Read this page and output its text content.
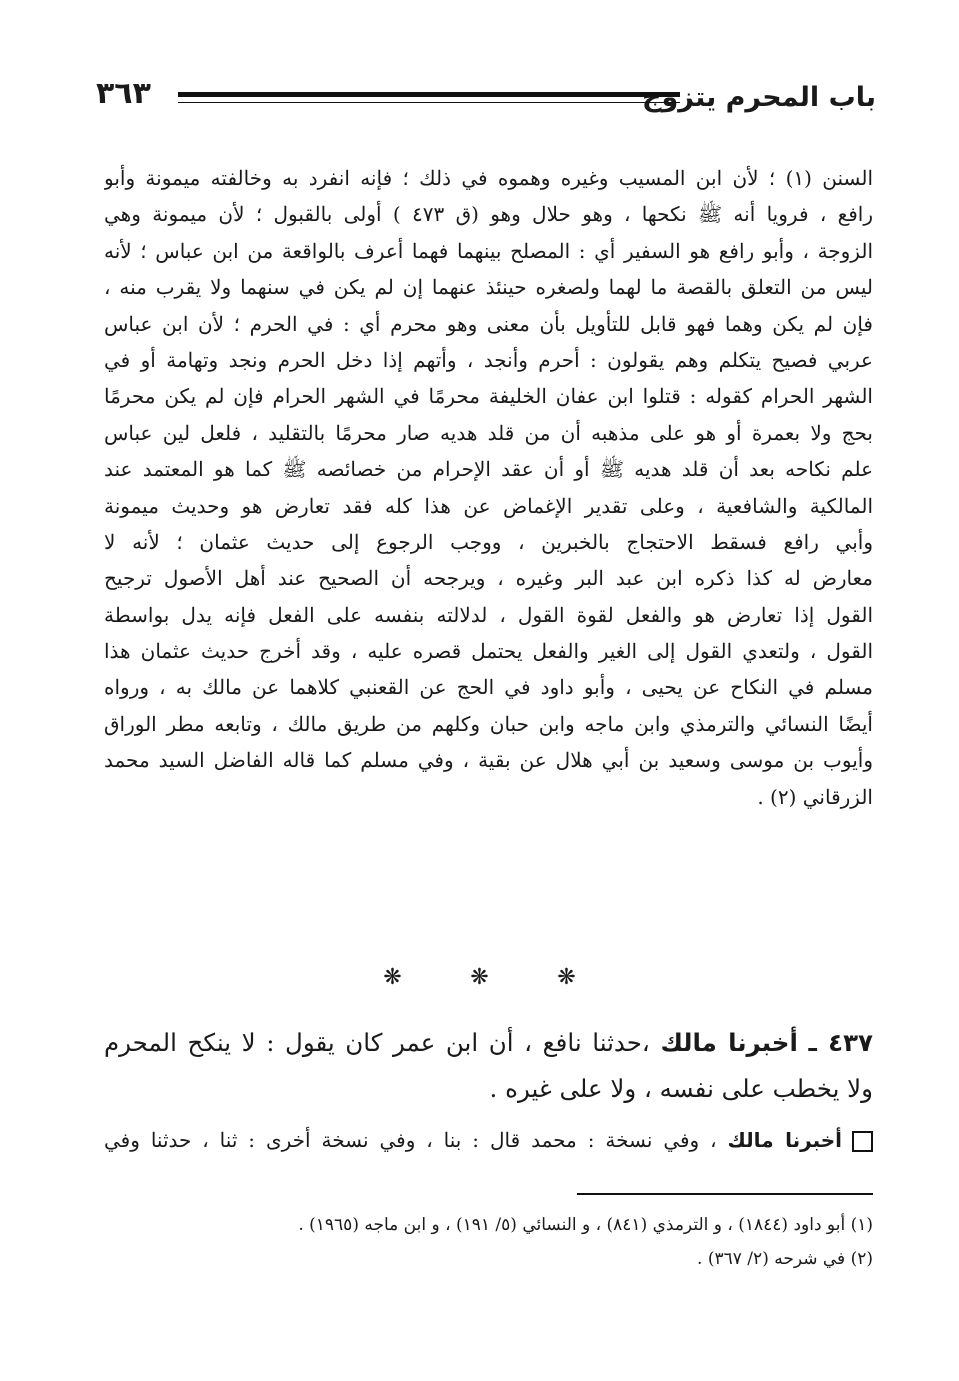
باب المحرم يتزوج
٣٦٣
السنن (١) ؛ لأن ابن المسيب وغيره وهموه في ذلك ؛ فإنه انفرد به وخالفته ميمونة وأبو
رافع ، فرويا أنه ﷺ نكحها ، وهو حلال وهو (ق ٤٧٣ ) أولى بالقبول ؛ لأن ميمونة وهي
الزوجة ، وأبو رافع هو السفير أي : المصلح بينهما فهما أعرف بالواقعة من ابن عباس ؛ لأنه
ليس من التعلق بالقصة ما لهما ولصغره حينئذ عنهما إن لم يكن في سنهما ولا يقرب منه ،
فإن لم يكن وهما فهو قابل للتأويل بأن معنى وهو محرم أي : في الحرم ؛ لأن ابن عباس
عربي فصيح يتكلم وهم يقولون : أحرم وأنجد ، وأتهم إذا دخل الحرم ونجد وتهامة أو في
الشهر الحرام كقوله : قتلوا ابن عفان الخليفة محرمًا في الشهر الحرام فإن لم يكن محرمًا
بحج ولا بعمرة أو هو على مذهبه أن من قلد هديه صار محرمًا بالتقليد ، فلعل لين عباس
علم نكاحه بعد أن قلد هديه ﷺ أو أن عقد الإحرام من خصائصه ﷺ كما هو المعتمد عند
المالكية والشافعية ، وعلى تقدير الإغماض عن هذا كله فقد تعارض هو وحديث ميمونة
وأبي رافع فسقط الاحتجاج بالخبرين ، ووجب الرجوع إلى حديث عثمان ؛ لأنه لا
معارض له كذا ذكره ابن عبد البر وغيره ، ويرجحه أن الصحيح عند أهل الأصول ترجيح
القول إذا تعارض هو والفعل لقوة القول ، لدلالته بنفسه على الفعل فإنه يدل بواسطة
القول ، ولتعدي القول إلى الغير والفعل يحتمل قصره عليه ، وقد أخرج حديث عثمان هذا
مسلم في النكاح عن يحيى ، وأبو داود في الحج عن القعنبي كلاهما عن مالك به ، ورواه
أيضًا النسائي والترمذي وابن ماجه وابن حبان وكلهم من طريق مالك ، وتابعه مطر الوراق
وأيوب بن موسى وسعيد بن أبي هلال عن بقية ، وفي مسلم كما قاله الفاضل السيد محمد
الزرقاني (٢) .
❋	❋	❋
٤٣٧ ـ أخبرنا مالك ،حدثنا نافع ، أن ابن عمر كان يقول : لا ينكح المحرم
ولا يخطب على نفسه ، ولا على غيره .
أخبرنا مالك ، وفي نسخة : محمد قال : بنا ، وفي نسخة أخرى : ثنا ، حدثنا وفي
(١) أبو داود (١٨٤٤) ، و الترمذي (٨٤١) ، و النسائي (٥/ ١٩١) ، و ابن ماجه (١٩٦٥) .
(٢) في شرحه (٢/ ٣٦٧) .
